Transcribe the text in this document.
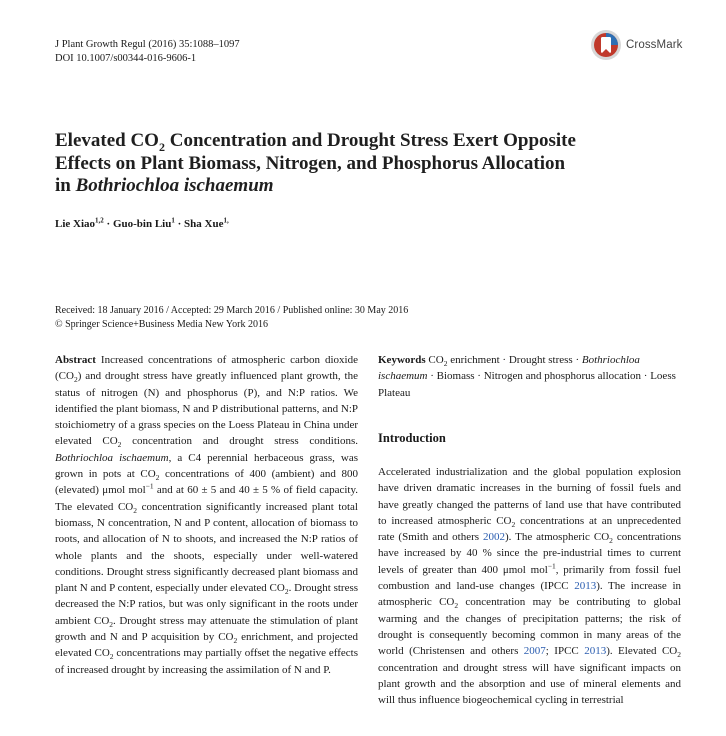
J Plant Growth Regul (2016) 35:1088–1097
DOI 10.1007/s00344-016-9606-1
CrossMark
Elevated $CO_2$ Concentration and Drought Stress Exert Opposite
Effects on Plant Biomass, Nitrogen, and Phosphorus Allocation
in Bothriochloa ischaemum
Lie Xiao$^{1,2}$ · Guo-bin Liu$^1$ · Sha Xue$^{1,}$
Received: 18 January 2016 / Accepted: 29 March 2016 / Published online: 30 May 2016
© Springer Science+Business Media New York 2016
Abstract Increased concentrations of atmospheric carbon dioxide $(CO_2)$ and drought stress have greatly influenced plant growth, the status of nitrogen (N) and phosphorus (P), and N:P ratios. We identified the plant biomass, N and P distributional patterns, and N:P stoichiometry of a grass species on the Loess Plateau in China under elevated $CO_2$ concentration and drought stress conditions. Bothriochloa ischaemum, a C4 perennial herbaceous grass, was grown in pots at $CO_2$ concentrations of 400 (ambient) and 800 (elevated) μmol mol$^{-1}$ and at 60 ± 5 and 40 ± 5 % of field capacity. The elevated $CO_2$ concentration significantly increased plant total biomass, N concentration, N and P content, allocation of biomass to roots, and allocation of N to shoots, and increased the N:P ratios of whole plants and the shoots, especially under well-watered conditions. Drought stress significantly decreased plant biomass and plant N and P content, especially under elevated $CO_2$. Drought stress decreased the N:P ratios, but was only significant in the roots under ambient $CO_2$. Drought stress may attenuate the stimulation of plant growth and N and P acquisition by $CO_2$ enrichment, and projected elevated $CO_2$ concentrations may partially offset the negative effects of increased drought by increasing the assimilation of N and P.
Keywords $CO_2$ enrichment · Drought stress · Bothriochloa ischaemum · Biomass · Nitrogen and phosphorus allocation · Loess Plateau
Introduction
Accelerated industrialization and the global population explosion have driven dramatic increases in the burning of fossil fuels and have greatly changed the patterns of land use that have contributed to increased atmospheric $CO_2$ concentrations at an unprecedented rate (Smith and others 2002). The atmospheric $CO_2$ concentrations have increased by 40 % since the pre-industrial times to current levels of greater than 400 μmol mol$^{-1}$, primarily from fossil fuel combustion and land-use changes (IPCC 2013). The increase in atmospheric $CO_2$ concentration may be contributing to global warming and the changes of precipitation patterns; the risk of drought is consequently becoming common in many areas of the world (Christensen and others 2007; IPCC 2013). Elevated $CO_2$ concentration and drought stress will have significant impacts on plant growth and the absorption and use of mineral elements and will thus influence biogeochemical cycling in terrestrial
